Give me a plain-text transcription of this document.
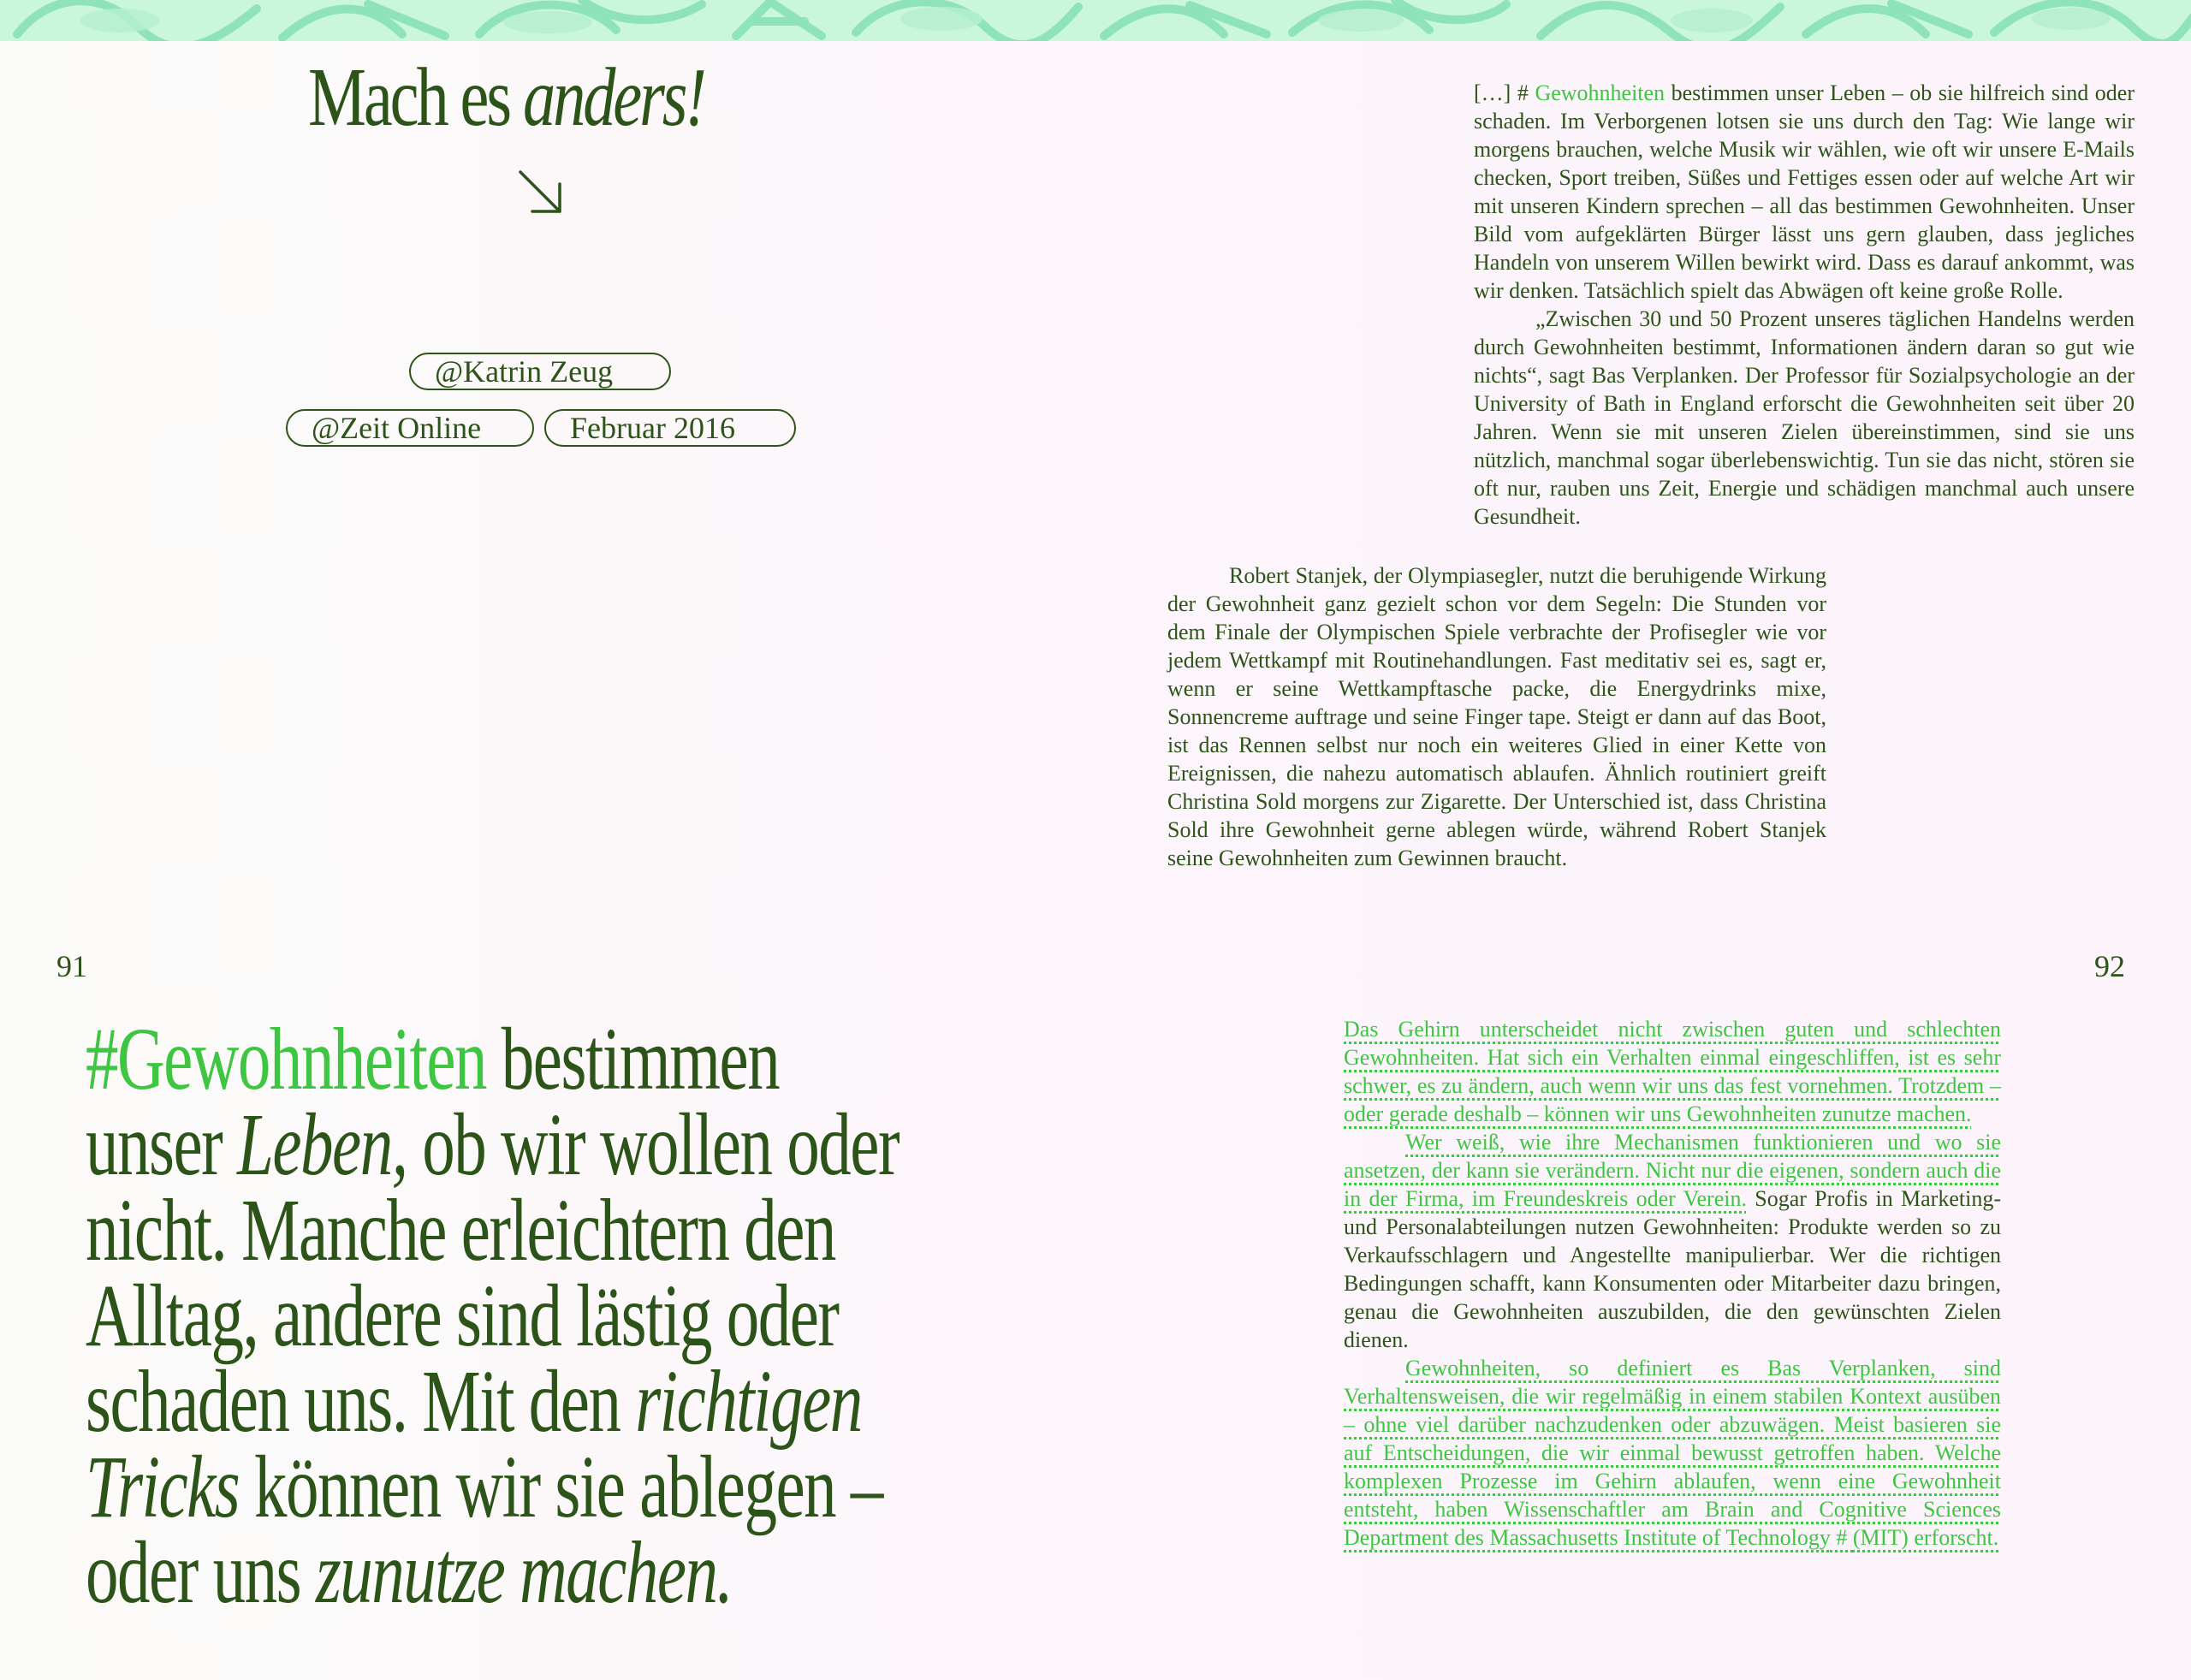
Mach es anders!
@Katrin Zeug
@Zeit Online	Februar 2016

[…] # Gewohnheiten bestimmen unser Leben – ob sie hilfreich sind oder schaden. Im Verborgenen lotsen sie uns durch den Tag: Wie lange wir morgens brauchen, welche Musik wir wählen, wie oft wir unsere E-Mails checken, Sport treiben, Süßes und Fettiges essen oder auf welche Art wir mit unseren Kindern sprechen – all das bestimmen Gewohnheiten. Unser Bild vom aufgeklärten Bürger lässt uns gern glauben, dass jegliches Handeln von unserem Willen bewirkt wird. Dass es darauf ankommt, was wir denken. Tatsächlich spielt das Abwägen oft keine große Rolle.

„Zwischen 30 und 50 Prozent unseres täglichen Handelns werden durch Gewohnheiten bestimmt, Informationen ändern daran so gut wie nichts“, sagt Bas Verplanken. Der Professor für Sozialpsychologie an der University of Bath in England erforscht die Gewohnheiten seit über 20 Jahren. Wenn sie mit unseren Zielen übereinstimmen, sind sie uns nützlich, manchmal sogar überlebenswichtig. Tun sie das nicht, stören sie oft nur, rauben uns Zeit, Energie und schädigen manchmal auch unsere Gesundheit.

Robert Stanjek, der Olympiasegler, nutzt die beruhigende Wirkung der Gewohnheit ganz gezielt schon vor dem Segeln: Die Stunden vor dem Finale der Olympischen Spiele verbrachte der Profisegler wie vor jedem Wettkampf mit Routinehandlungen. Fast meditativ sei es, sagt er, wenn er seine Wettkampftasche packe, die Energydrinks mixe, Sonnencreme auftrage und seine Finger tape. Steigt er dann auf das Boot, ist das Rennen selbst nur noch ein weiteres Glied in einer Kette von Ereignissen, die nahezu automatisch ablaufen. Ähnlich routiniert greift Christina Sold morgens zur Zigarette. Der Unterschied ist, dass Christina Sold ihre Gewohnheit gerne ablegen würde, während Robert Stanjek seine Gewohnheiten zum Gewinnen braucht.

91	92
#Gewohnheiten bestimmen
unser Leben, ob wir wollen oder
nicht. Manche erleichtern den
Alltag, andere sind lästig oder
schaden uns. Mit den richtigen
Tricks können wir sie ablegen –
oder uns zunutze machen.

Das Gehirn unterscheidet nicht zwischen guten und schlechten Gewohnheiten. Hat sich ein Verhalten einmal eingeschliffen, ist es sehr schwer, es zu ändern, auch wenn wir uns das fest vornehmen. Trotzdem – oder gerade deshalb – können wir uns Gewohnheiten zunutze machen.

Wer weiß, wie ihre Mechanismen funktionieren und wo sie ansetzen, der kann sie verändern. Nicht nur die eigenen, sondern auch die in der Firma, im Freundeskreis oder Verein. Sogar Profis in Marketing- und Personalabteilungen nutzen Gewohnheiten: Produkte werden so zu Verkaufsschlagern und Angestellte manipulierbar. Wer die richtigen Bedingungen schafft, kann Konsumenten oder Mitarbeiter dazu bringen, genau die Gewohnheiten auszubilden, die den gewünschten Zielen dienen.

Gewohnheiten, so definiert es Bas Verplanken, sind Verhaltensweisen, die wir regelmäßig in einem stabilen Kontext ausüben – ohne viel darüber nachzudenken oder abzuwägen. Meist basieren sie auf Entscheidungen, die wir einmal bewusst getroffen haben. Welche komplexen Prozesse im Gehirn ablaufen, wenn eine Gewohnheit entsteht, haben Wissenschaftler am Brain and Cognitive Sciences Department des Massachusetts Institute of Technology # (MIT) erforscht.
